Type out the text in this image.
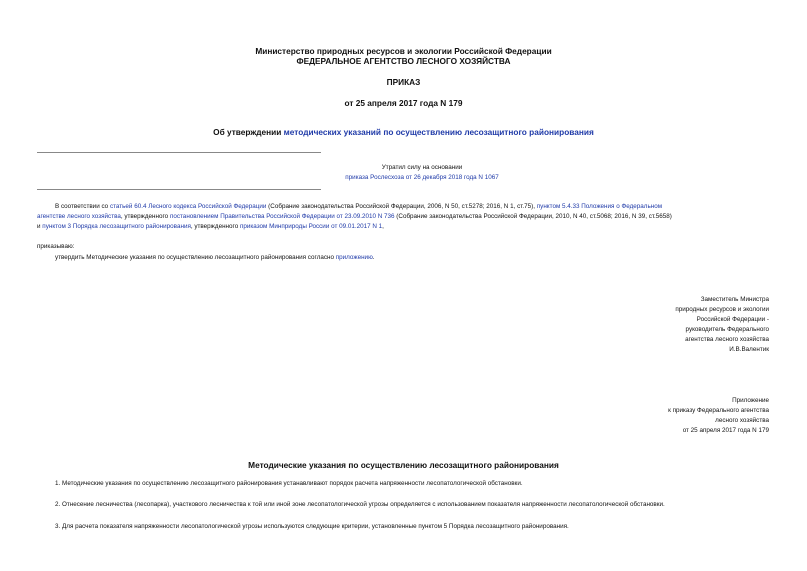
Министерство природных ресурсов и экологии Российской Федерации
ФЕДЕРАЛЬНОЕ АГЕНТСТВО ЛЕСНОГО ХОЗЯЙСТВА
ПРИКАЗ
от 25 апреля 2017 года N 179
Об утверждении методических указаний по осуществлению лесозащитного районирования
Утратил силу на основании
приказа Рослесхоза от 26 декабря 2018 года N 1067
В соответствии со статьей 60.4 Лесного кодекса Российской Федерации (Собрание законодательства Российской Федерации, 2006, N 50, ст.5278; 2016, N 1, ст.75), пунктом 5.4.33 Положения о Федеральном
агентстве лесного хозяйства, утвержденного постановлением Правительства Российской Федерации от 23.09.2010 N 736 (Собрание законодательства Российской Федерации, 2010, N 40, ст.5068; 2016, N 39, ст.5658)
и пунктом 3 Порядка лесозащитного районирования, утвержденного приказом Минприроды России от 09.01.2017 N 1,
приказываю:
утвердить Методические указания по осуществлению лесозащитного районирования согласно приложению.
Заместитель Министра
природных ресурсов и экологии
Российской Федерации -
руководитель Федерального
агентства лесного хозяйства
И.В.Валентик
Приложение
к приказу Федерального агентства
лесного хозяйства
от 25 апреля 2017 года N 179
Методические указания по осуществлению лесозащитного районирования
1. Методические указания по осуществлению лесозащитного районирования устанавливают порядок расчета напряженности лесопатологической обстановки.
2. Отнесение лесничества (лесопарка), участкового лесничества к той или иной зоне лесопатологической угрозы определяется с использованием показателя напряженности лесопатологической обстановки.
3. Для расчета показателя напряженности лесопатологической угрозы используются следующие критерии, установленные пунктом 5 Порядка лесозащитного районирования.
